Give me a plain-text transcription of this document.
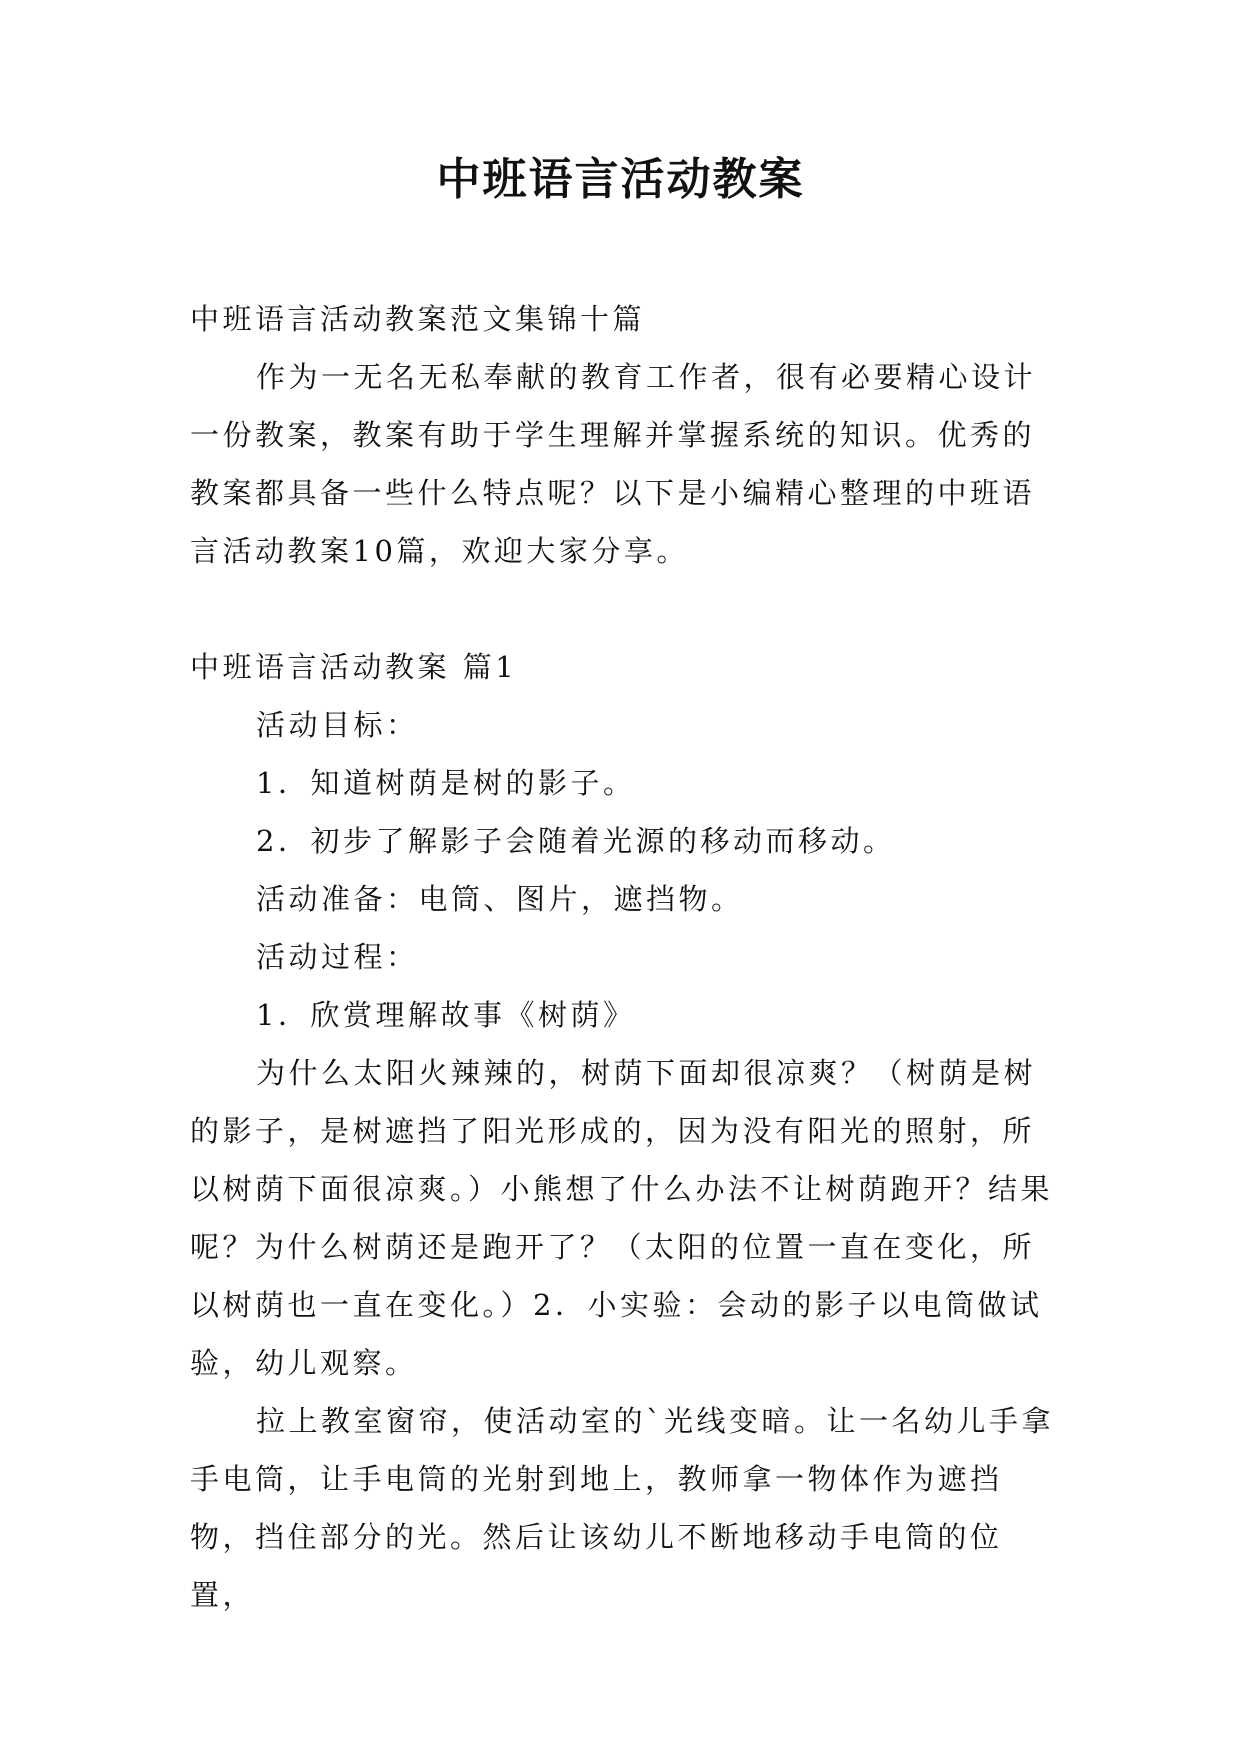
中班语言活动教案

中班语言活动教案范文集锦十篇

作为一无名无私奉献的教育工作者，很有必要精心设计一份教案，教案有助于学生理解并掌握系统的知识。优秀的教案都具备一些什么特点呢？以下是小编精心整理的中班语言活动教案10篇，欢迎大家分享。

中班语言活动教案 篇1

活动目标：

1．知道树荫是树的影子。

2．初步了解影子会随着光源的移动而移动。

活动准备：电筒、图片，遮挡物。

活动过程：

1．欣赏理解故事《树荫》

为什么太阳火辣辣的，树荫下面却很凉爽？（树荫是树的影子，是树遮挡了阳光形成的，因为没有阳光的照射，所以树荫下面很凉爽。）小熊想了什么办法不让树荫跑开？结果呢？为什么树荫还是跑开了？（太阳的位置一直在变化，所以树荫也一直在变化。）2．小实验：会动的影子以电筒做试验，幼儿观察。

拉上教室窗帘，使活动室的`光线变暗。让一名幼儿手拿手电筒，让手电筒的光射到地上，教师拿一物体作为遮挡物，挡住部分的光。然后让该幼儿不断地移动手电筒的位置，
